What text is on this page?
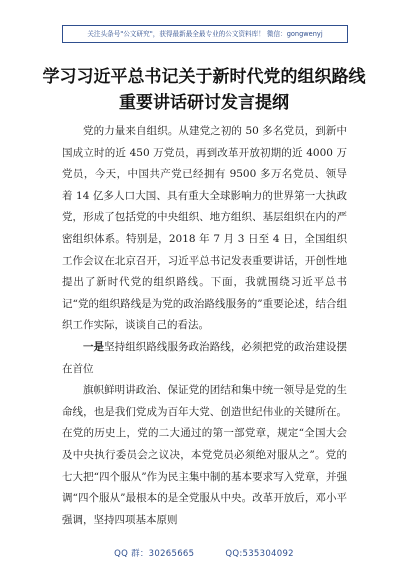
关注头条号"公文研究"，获得最新最全最专业的公文资料库！ 微信：gongwenyj
学习习近平总书记关于新时代党的组织路线重要讲话研讨发言提纲

党的力量来自组织。从建党之初的 50 多名党员，到新中国成立时的近 450 万党员，再到改革开放初期的近 4000 万党员，今天，中国共产党已经拥有 9500 多万名党员、领导着 14 亿多人口大国、具有重大全球影响力的世界第一大执政党，形成了包括党的中央组织、地方组织、基层组织在内的严密组织体系。特别是，2018 年 7 月 3 日至 4 日，全国组织工作会议在北京召开，习近平总书记发表重要讲话，开创性地提出了新时代党的组织路线。下面，我就围绕习近平总书记“党的组织路线是为党的政治路线服务的”重要论述，结合组织工作实际，谈谈自己的看法。

一是坚持组织路线服务政治路线，必须把党的政治建设摆在首位

旗帜鲜明讲政治、保证党的团结和集中统一领导是党的生命线，也是我们党成为百年大党、创造世纪伟业的关键所在。在党的历史上，党的二大通过的第一部党章，规定“全国大会及中央执行委员会之议决，本党党员必须绝对服从之”。党的七大把“四个服从”作为民主集中制的基本要求写入党章，并强调“四个服从”最根本的是全党服从中央。改革开放后，邓小平强调，坚持四项基本原则

QQ 群：30265665	QQ:535304092
